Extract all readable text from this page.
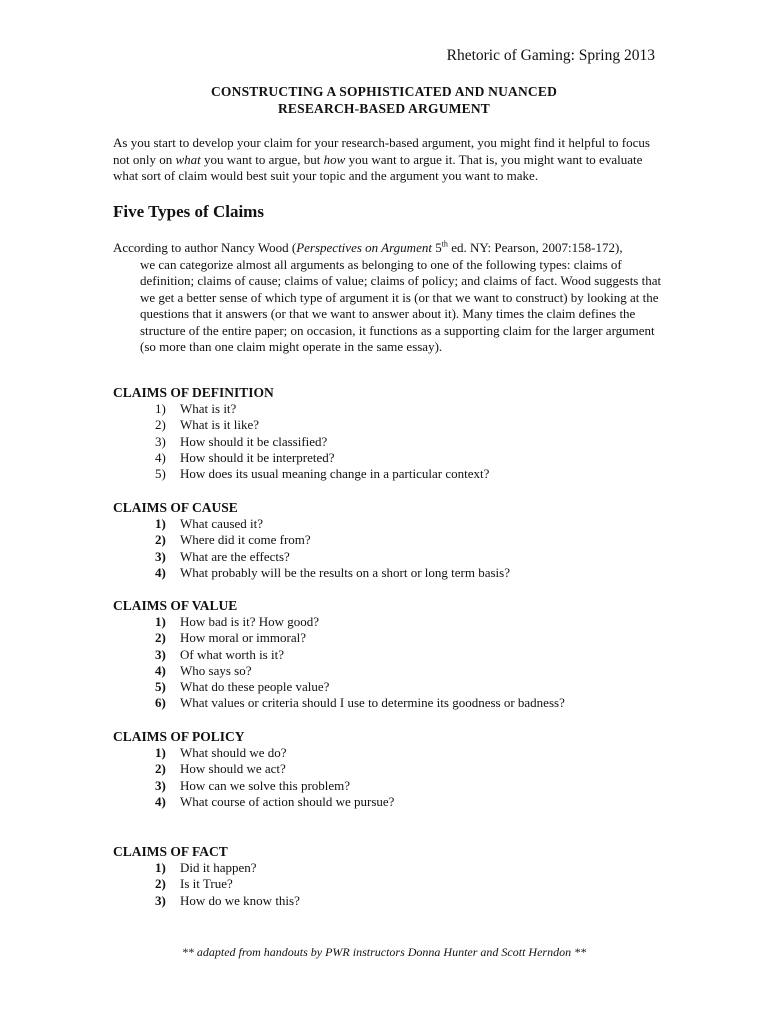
Rhetoric of Gaming: Spring 2013
CONSTRUCTING A SOPHISTICATED AND NUANCED
RESEARCH-BASED ARGUMENT

As you start to develop your claim for your research-based argument, you might find it helpful to focus not only on what you want to argue, but how you want to argue it. That is, you might want to evaluate what sort of claim would best suit your topic and the argument you want to make.

Five Types of Claims
According to author Nancy Wood (Perspectives on Argument 5th ed. NY: Pearson, 2007:158-172),
we can categorize almost all arguments as belonging to one of the following types: claims of definition; claims of cause; claims of value; claims of policy; and claims of fact. Wood suggests that we get a better sense of which type of argument it is (or that we want to construct) by looking at the questions that it answers (or that we want to answer about it). Many times the claim defines the structure of the entire paper; on occasion, it functions as a supporting claim for the larger argument (so more than one claim might operate in the same essay).
CLAIMS OF DEFINITION
1)	What is it?
2)	What is it like?
3)	How should it be classified?
4)	How should it be interpreted?
5)	How does its usual meaning change in a particular context?
CLAIMS OF CAUSE
1)	What caused it?
2)	Where did it come from?
3)	What are the effects?
4)	What probably will be the results on a short or long term basis?
CLAIMS OF VALUE
1)	How bad is it? How good?
2)	How moral or immoral?
3)	Of what worth is it?
4)	Who says so?
5)	What do these people value?
6)	What values or criteria should I use to determine its goodness or badness?
CLAIMS OF POLICY
1)	What should we do?
2)	How should we act?
3)	How can we solve this problem?
4)	What course of action should we pursue?
CLAIMS OF FACT
1)	Did it happen?
2)	Is it True?
3)	How do we know this?
** adapted from handouts by PWR instructors Donna Hunter and Scott Herndon **
